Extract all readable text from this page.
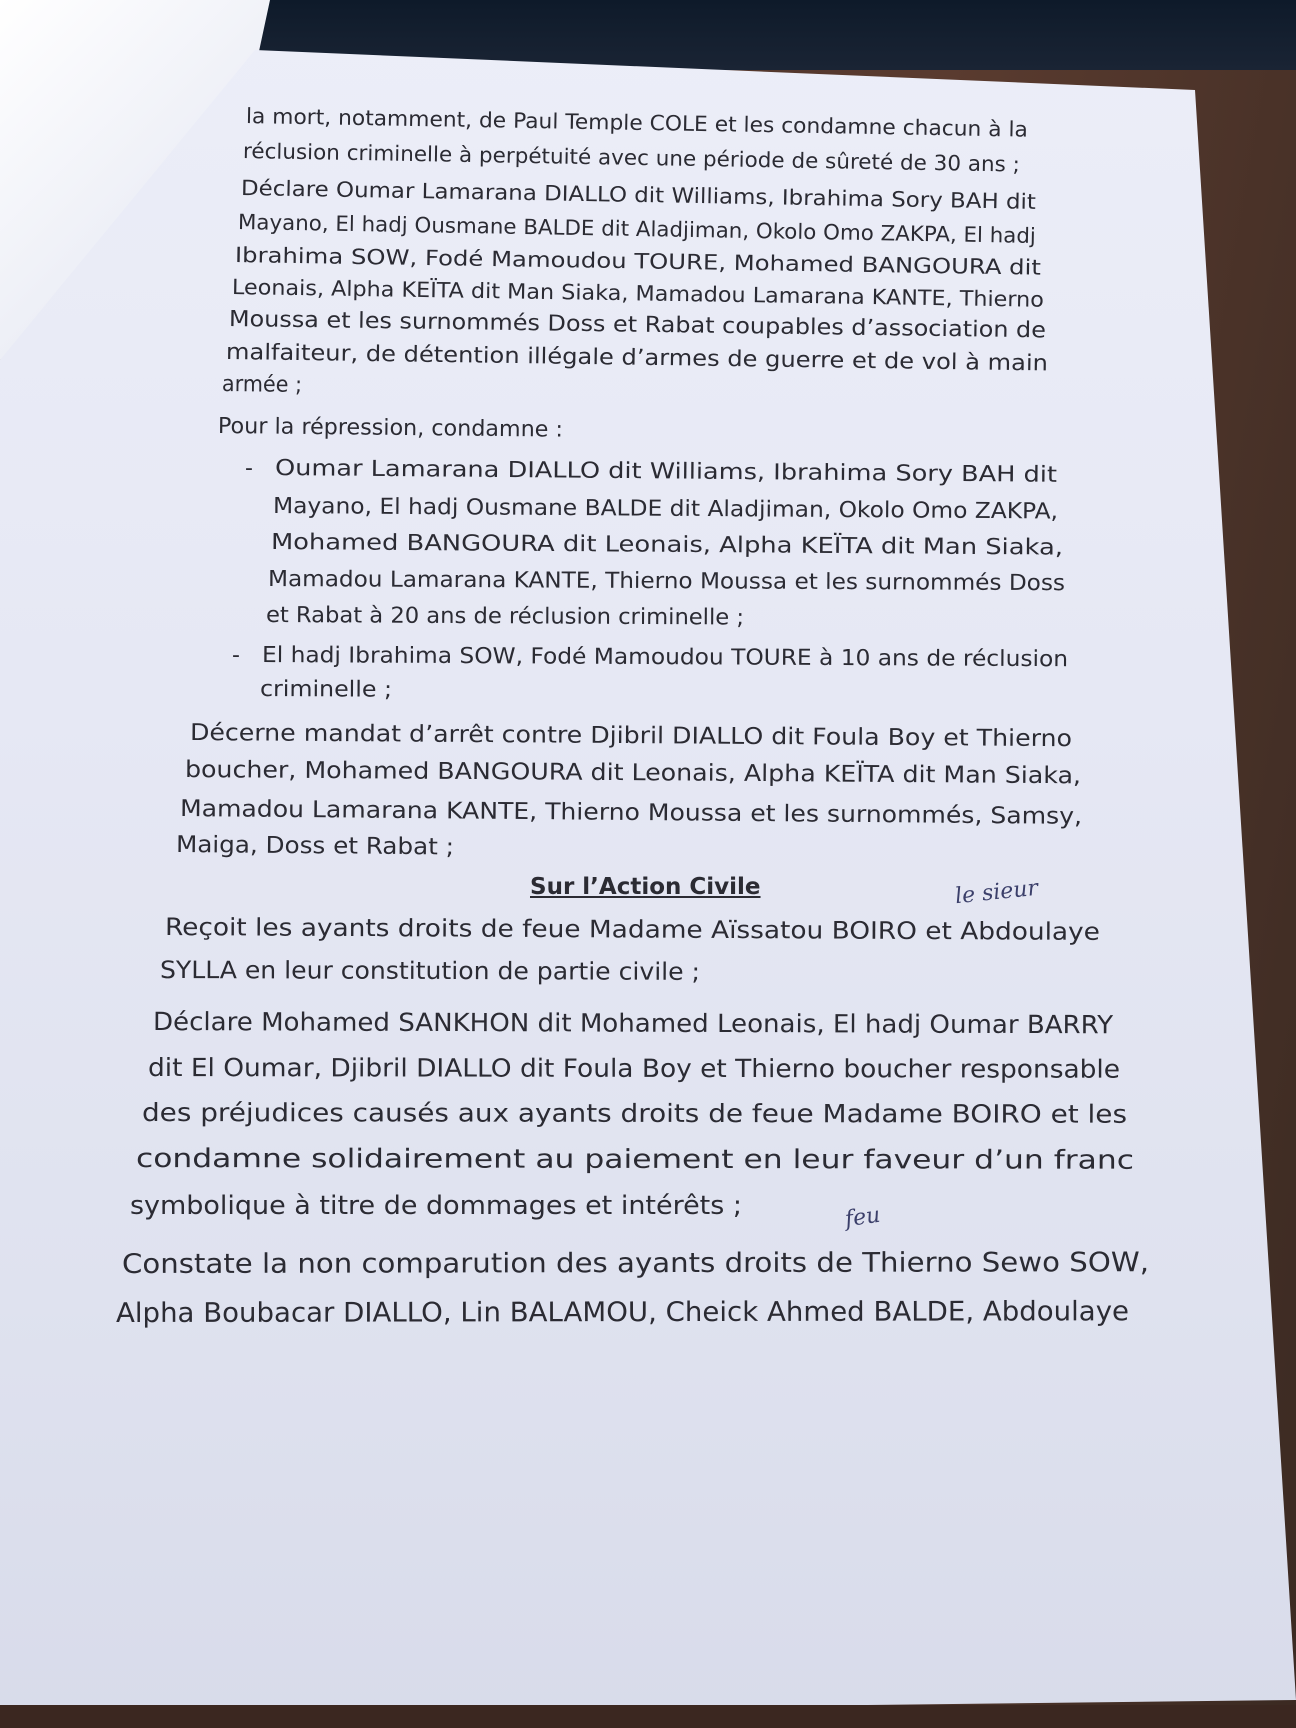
Sur l’Action Civile

-
-
le sieur
feu

la mort, notamment, de Paul Temple COLE et les condamne chacun à la

réclusion criminelle à perpétuité avec une période de sûreté de 30 ans ;

Déclare Oumar Lamarana DIALLO dit Williams, Ibrahima Sory BAH dit

Mayano, El hadj Ousmane BALDE dit Aladjiman, Okolo Omo ZAKPA, El hadj

Ibrahima SOW, Fodé Mamoudou TOURE, Mohamed BANGOURA dit

Leonais, Alpha KEÏTA dit Man Siaka, Mamadou Lamarana KANTE, Thierno

Moussa et les surnommés Doss et Rabat coupables d’association de

malfaiteur, de détention illégale d’armes de guerre et de vol à main

armée ;

Pour la répression, condamne :

Oumar Lamarana DIALLO dit Williams, Ibrahima Sory BAH dit

Mayano, El hadj Ousmane BALDE dit Aladjiman, Okolo Omo ZAKPA,

Mohamed BANGOURA dit Leonais, Alpha KEÏTA dit Man Siaka,

Mamadou Lamarana KANTE, Thierno Moussa et les surnommés Doss

et Rabat à 20 ans de réclusion criminelle ;

El hadj Ibrahima SOW, Fodé Mamoudou TOURE à 10 ans de réclusion

criminelle ;

Décerne mandat d’arrêt contre Djibril DIALLO dit Foula Boy et Thierno

boucher, Mohamed BANGOURA dit Leonais, Alpha KEÏTA dit Man Siaka,

Mamadou Lamarana KANTE, Thierno Moussa et les surnommés, Samsy,

Maiga, Doss et Rabat ;

Reçoit les ayants droits de feue Madame Aïssatou BOIRO et Abdoulaye

SYLLA en leur constitution de partie civile ;

Déclare Mohamed SANKHON dit Mohamed Leonais, El hadj Oumar BARRY

dit El Oumar, Djibril DIALLO dit Foula Boy et Thierno boucher responsable

des préjudices causés aux ayants droits de feue Madame BOIRO et les

condamne solidairement au paiement en leur faveur d’un franc

symbolique à titre de dommages et intérêts ;

Constate la non comparution des ayants droits de Thierno Sewo SOW,

Alpha Boubacar DIALLO, Lin BALAMOU, Cheick Ahmed BALDE, Abdoulaye
